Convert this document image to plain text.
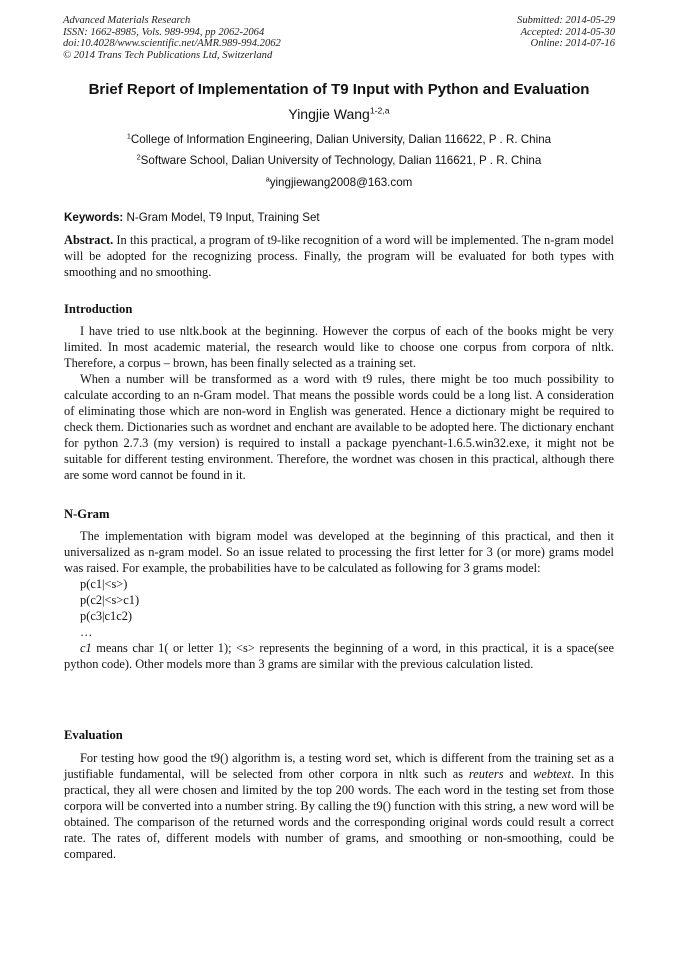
Advanced Materials Research
ISSN: 1662-8985, Vols. 989-994, pp 2062-2064
doi:10.4028/www.scientific.net/AMR.989-994.2062
© 2014 Trans Tech Publications Ltd, Switzerland
Submitted: 2014-05-29
Accepted: 2014-05-30
Online: 2014-07-16
Brief Report of Implementation of T9 Input with Python and Evaluation
Yingjie Wang$^{1-2,a}$
$^1$College of Information Engineering, Dalian University, Dalian 116622, P . R. China
$^2$Software School, Dalian University of Technology, Dalian 116621, P . R. China
$^a$yingjiewang2008@163.com
Keywords: N-Gram Model, T9 Input, Training Set

Abstract. In this practical, a program of t9-like recognition of a word will be implemented. The n-gram model will be adopted for the recognizing process. Finally, the program will be evaluated for both types with smoothing and no smoothing.

Introduction

I have tried to use nltk.book at the beginning. However the corpus of each of the books might be very limited. In most academic material, the research would like to choose one corpus from corpora of nltk. Therefore, a corpus – brown, has been finally selected as a training set.

When a number will be transformed as a word with t9 rules, there might be too much possibility to calculate according to an n-Gram model. That means the possible words could be a long list. A consideration of eliminating those which are non-word in English was generated. Hence a dictionary might be required to check them. Dictionaries such as wordnet and enchant are available to be adopted here. The dictionary enchant for python 2.7.3 (my version) is required to install a package pyenchant-1.6.5.win32.exe, it might not be suitable for different testing environment. Therefore, the wordnet was chosen in this practical, although there are some word cannot be found in it.

N-Gram

The implementation with bigram model was developed at the beginning of this practical, and then it universalized as n-gram model. So an issue related to processing the first letter for 3 (or more) grams model was raised. For example, the probabilities have to be calculated as following for 3 grams model:

p(c1|<s>)

p(c2|<s>c1)

p(c3|c1c2)

…

c1 means char 1( or letter 1); <s> represents the beginning of a word, in this practical, it is a space(see python code). Other models more than 3 grams are similar with the previous calculation listed.

Evaluation

For testing how good the t9() algorithm is, a testing word set, which is different from the training set as a justifiable fundamental, will be selected from other corpora in nltk such as reuters and webtext. In this practical, they all were chosen and limited by the top 200 words. The each word in the testing set from those corpora will be converted into a number string. By calling the t9() function with this string, a new word will be obtained. The comparison of the returned words and the corresponding original words could result a correct rate. The rates of, different models with number of grams, and smoothing or non-smoothing, could be compared.
